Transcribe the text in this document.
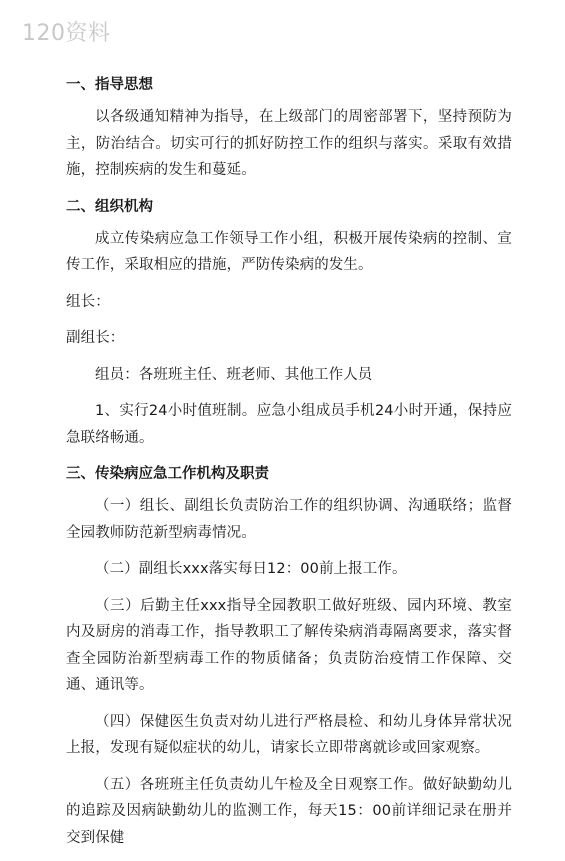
120资料
一、指导思想

以各级通知精神为指导，在上级部门的周密部署下，坚持预防为主，防治结合。切实可行的抓好防控工作的组织与落实。采取有效措施，控制疾病的发生和蔓延。

二、组织机构

成立传染病应急工作领导工作小组，积极开展传染病的控制、宣传工作，采取相应的措施，严防传染病的发生。

组长：

副组长：

组员：各班班主任、班老师、其他工作人员

1、实行24小时值班制。应急小组成员手机24小时开通，保持应急联络畅通。

三、传染病应急工作机构及职责

（一）组长、副组长负责防治工作的组织协调、沟通联络；监督全园教师防范新型病毒情况。

（二）副组长xxx落实每日12：00前上报工作。

（三）后勤主任xxx指导全园教职工做好班级、园内环境、教室内及厨房的消毒工作，指导教职工了解传染病消毒隔离要求，落实督查全园防治新型病毒工作的物质储备；负责防治疫情工作保障、交通、通讯等。

（四）保健医生负责对幼儿进行严格晨检、和幼儿身体异常状况上报，发现有疑似症状的幼儿，请家长立即带离就诊或回家观察。

（五）各班班主任负责幼儿午检及全日观察工作。做好缺勤幼儿的追踪及因病缺勤幼儿的监测工作，每天15：00前详细记录在册并交到保健
